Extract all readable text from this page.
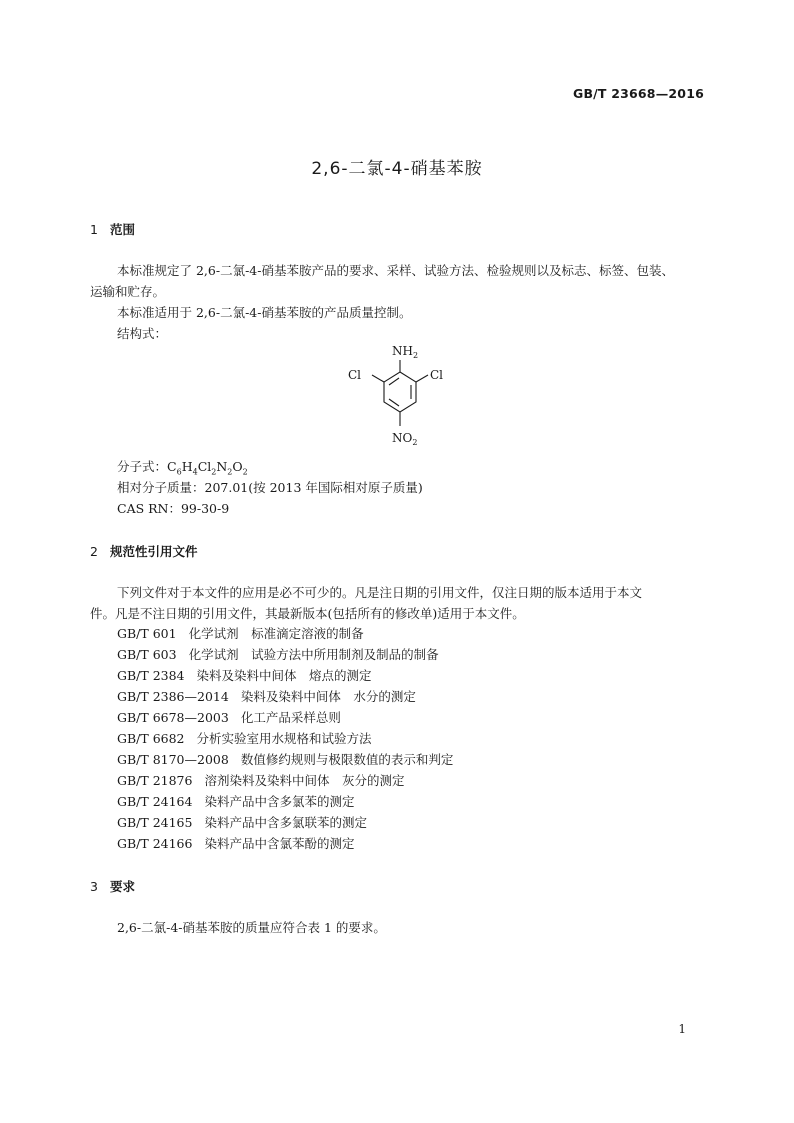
GB/T 23668—2016
2,6-二氯-4-硝基苯胺
1 范围
本标准规定了 2,6-二氯-4-硝基苯胺产品的要求、采样、试验方法、检验规则以及标志、标签、包装、
运输和贮存。
本标准适用于 2,6-二氯-4-硝基苯胺的产品质量控制。
结构式：
$NH_2$
Cl
Cl
$NO_2$
分子式：$C_6H_4Cl_2N_2O_2$
相对分子质量：207.01(按 2013 年国际相对原子质量)
CAS RN：99-30-9
2 规范性引用文件
下列文件对于本文件的应用是必不可少的。凡是注日期的引用文件，仅注日期的版本适用于本文
件。凡是不注日期的引用文件，其最新版本(包括所有的修改单)适用于本文件。
GB/T 601 化学试剂　标准滴定溶液的制备
GB/T 603 化学试剂　试验方法中所用制剂及制品的制备
GB/T 2384 染料及染料中间体　熔点的测定
GB/T 2386—2014 染料及染料中间体　水分的测定
GB/T 6678—2003 化工产品采样总则
GB/T 6682 分析实验室用水规格和试验方法
GB/T 8170—2008 数值修约规则与极限数值的表示和判定
GB/T 21876 溶剂染料及染料中间体　灰分的测定
GB/T 24164 染料产品中含多氯苯的测定
GB/T 24165 染料产品中含多氯联苯的测定
GB/T 24166 染料产品中含氯苯酚的测定
3 要求
2,6-二氯-4-硝基苯胺的质量应符合表 1 的要求。
1
